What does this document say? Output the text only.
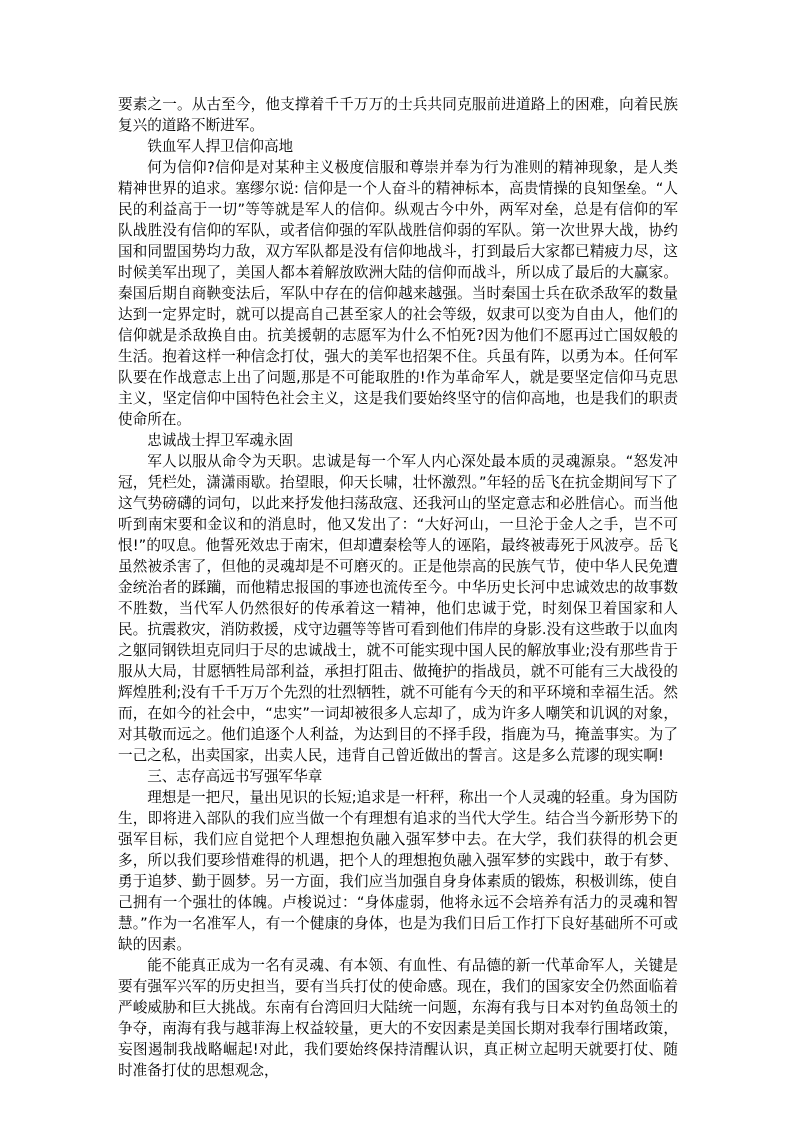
要素之一。从古至今，他支撑着千千万万的士兵共同克服前进道路上的困难，向着民族复兴的道路不断进军。

铁血军人捍卫信仰高地

何为信仰?信仰是对某种主义极度信服和尊崇并奉为行为准则的精神现象，是人类精神世界的追求。塞缪尔说: 信仰是一个人奋斗的精神标本，高贵情操的良知堡垒。“人民的利益高于一切”等等就是军人的信仰。纵观古今中外，两军对垒，总是有信仰的军队战胜没有信仰的军队，或者信仰强的军队战胜信仰弱的军队。第一次世界大战，协约国和同盟国势均力敌，双方军队都是没有信仰地战斗，打到最后大家都已精疲力尽，这时候美军出现了，美国人都本着解放欧洲大陆的信仰而战斗，所以成了最后的大赢家。秦国后期自商鞅变法后，军队中存在的信仰越来越强。当时秦国士兵在砍杀敌军的数量达到一定界定时，就可以提高自己甚至家人的社会等级，奴隶可以变为自由人，他们的信仰就是杀敌换自由。抗美援朝的志愿军为什么不怕死?因为他们不愿再过亡国奴般的生活。抱着这样一种信念打仗，强大的美军也招架不住。兵虽有阵，以勇为本。任何军队要在作战意志上出了问题,那是不可能取胜的!作为革命军人，就是要坚定信仰马克思主义，坚定信仰中国特色社会主义，这是我们要始终坚守的信仰高地，也是我们的职责使命所在。

忠诚战士捍卫军魂永固

军人以服从命令为天职。忠诚是每一个军人内心深处最本质的灵魂源泉。“怒发冲冠，凭栏处，潇潇雨歇。抬望眼，仰天长啸，壮怀激烈。”年轻的岳飞在抗金期间写下了这气势磅礴的词句，以此来抒发他扫荡敌寇、还我河山的坚定意志和必胜信心。而当他听到南宋要和金议和的消息时，他又发出了：“大好河山，一旦沦于金人之手，岂不可恨!”的叹息。他誓死效忠于南宋，但却遭秦桧等人的诬陷，最终被毒死于风波亭。岳飞虽然被杀害了，但他的灵魂却是不可磨灭的。正是他崇高的民族气节，使中华人民免遭金统治者的蹂躏，而他精忠报国的事迹也流传至今。中华历史长河中忠诚效忠的故事数不胜数，当代军人仍然很好的传承着这一精神，他们忠诚于党，时刻保卫着国家和人民。抗震救灾，消防救援，戍守边疆等等皆可看到他们伟岸的身影.没有这些敢于以血肉之躯同钢铁坦克同归于尽的忠诚战士，就不可能实现中国人民的解放事业;没有那些肯于服从大局，甘愿牺牲局部利益，承担打阻击、做掩护的指战员，就不可能有三大战役的辉煌胜利;没有千千万万个先烈的壮烈牺牲，就不可能有今天的和平环境和幸福生活。然而，在如今的社会中，“忠实”一词却被很多人忘却了，成为许多人嘲笑和讥讽的对象，对其敬而远之。他们追逐个人利益，为达到目的不择手段，指鹿为马，掩盖事实。为了一己之私，出卖国家，出卖人民，违背自己曾近做出的誓言。这是多么荒谬的现实啊!

三、志存高远书写强军华章

理想是一把尺，量出见识的长短;追求是一杆秤，称出一个人灵魂的轻重。身为国防生，即将进入部队的我们应当做一个有理想有追求的当代大学生。结合当今新形势下的强军目标，我们应自觉把个人理想抱负融入强军梦中去。在大学，我们获得的机会更多，所以我们要珍惜难得的机遇，把个人的理想抱负融入强军梦的实践中，敢于有梦、勇于追梦、勤于圆梦。另一方面，我们应当加强自身身体素质的锻炼，积极训练，使自己拥有一个强壮的体魄。卢梭说过：“身体虚弱，他将永远不会培养有活力的灵魂和智慧。”作为一名准军人，有一个健康的身体，也是为我们日后工作打下良好基础所不可或缺的因素。

能不能真正成为一名有灵魂、有本领、有血性、有品德的新一代革命军人，关键是要有强军兴军的历史担当，要有当兵打仗的使命感。现在，我们的国家安全仍然面临着严峻威胁和巨大挑战。东南有台湾回归大陆统一问题，东海有我与日本对钓鱼岛领土的争夺，南海有我与越菲海上权益较量，更大的不安因素是美国长期对我奉行围堵政策，妄图遏制我战略崛起!对此，我们要始终保持清醒认识，真正树立起明天就要打仗、随时准备打仗的思想观念，
